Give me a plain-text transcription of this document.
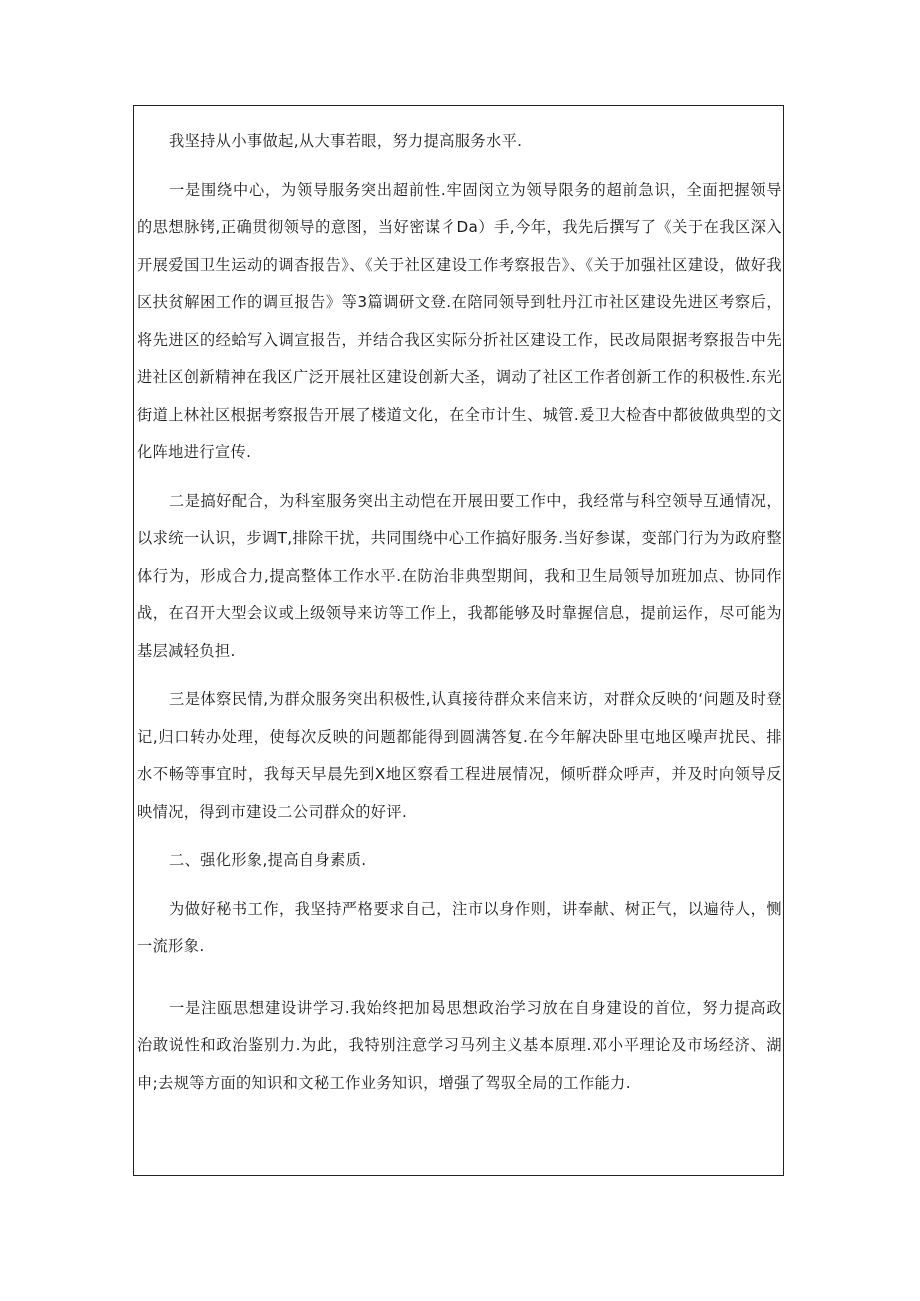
我坚持从小事做起,从大事若眼，努力提高服务水平.

一是围绕中心，为领导服务突出超前性.牢固闵立为领导限务的超前急识，全面把握领导的思想脉铐,正确贯彻领导的意图，当好密谋彳Da）手,今年，我先后撰写了《关于在我区深入开展爱国卫生运动的调杳报告》、《关于社区建设工作考察报告》、《关于加强社区建设，做好我区扶贫解困工作的调亘报告》等3篇调研文登.在陪同领导到牡丹江市社区建设先进区考察后，将先进区的经蛤写入调宣报告，并结合我区实际分折社区建设工作，民改局限据考察报告中先进社区创新精神在我区广泛开展社区建设创新大圣，调动了社区工作者创新工作的积极性.东光街道上林社区根据考察报告开展了楼道文化，在全市计生、城管.爰卫大检杳中都彼做典型的文化阵地进行宣传.

二是搞好配合，为科室服务突出主动恺在开展田要工作中，我经常与科空领导互通情况，以求统一认识，步调T,排除干扰，共同围绕中心工作搞好服务.当好参谋，变部门行为为政府整体行为，形成合力,提高整体工作水平.在防治非典型期间，我和卫生局领导加班加点、协同作战，在召开大型会议或上级领导来访等工作上，我都能够及时靠握信息，提前运作，尽可能为基层减轻负担.

三是体察民情,为群众服务突出积极性,认真接待群众来信来访，对群众反映的‘问题及时登记,归口转办处理，使每次反映的问题都能得到圆满答复.在今年解决卧里屯地区噪声扰民、排水不畅等事宜时，我每天早晨先到X地区察看工程进展情况，倾听群众呼声，并及时向领导反映情况，得到市建设二公司群众的好评.

二、强化形象,提高自身素质.

为做好秘书工作，我坚持严格要求自己，注市以身作则，讲奉献、树正气，以遍待人，恻一流形象.

一是注瓯思想建设讲学习.我始终把加曷思想政治学习放在自身建设的首位，努力提高政治敢说性和政治鉴别力.为此，我特别注意学习马列主义基本原理.邓小平理论及市场经济、湖申;去规等方面的知识和文秘工作业务知识，增强了驾驭全局的工作能力.
